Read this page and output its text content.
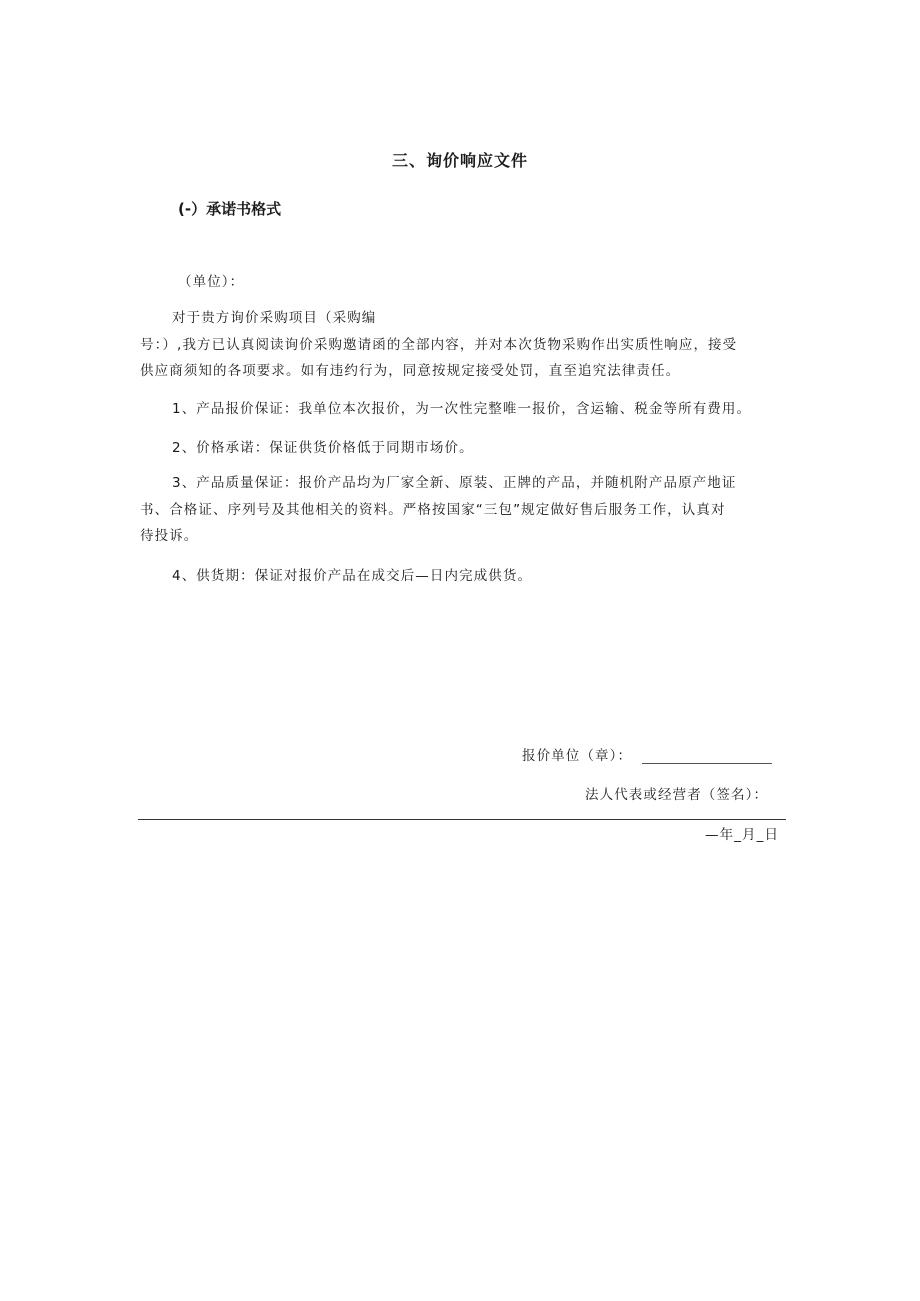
三、询价响应文件
(-）承诺书格式
（单位）：
对于贵方询价采购项目（采购编
号：）,我方已认真阅读询价采购邀请函的全部内容，并对本次货物采购作出实质性响应，接受
供应商须知的各项要求。如有违约行为，同意按规定接受处罚，直至追究法律责任。
1、产品报价保证：我单位本次报价，为一次性完整唯一报价，含运输、税金等所有费用。
2、价格承诺：保证供货价格低于同期市场价。
3、产品质量保证：报价产品均为厂家全新、原装、正牌的产品，并随机附产品原产地证
书、合格证、序列号及其他相关的资料。严格按国家“三包”规定做好售后服务工作，认真对
待投诉。
4、供货期：保证对报价产品在成交后—日内完成供货。
报价单位（章）：
法人代表或经营者（签名）：
—年_月_日
